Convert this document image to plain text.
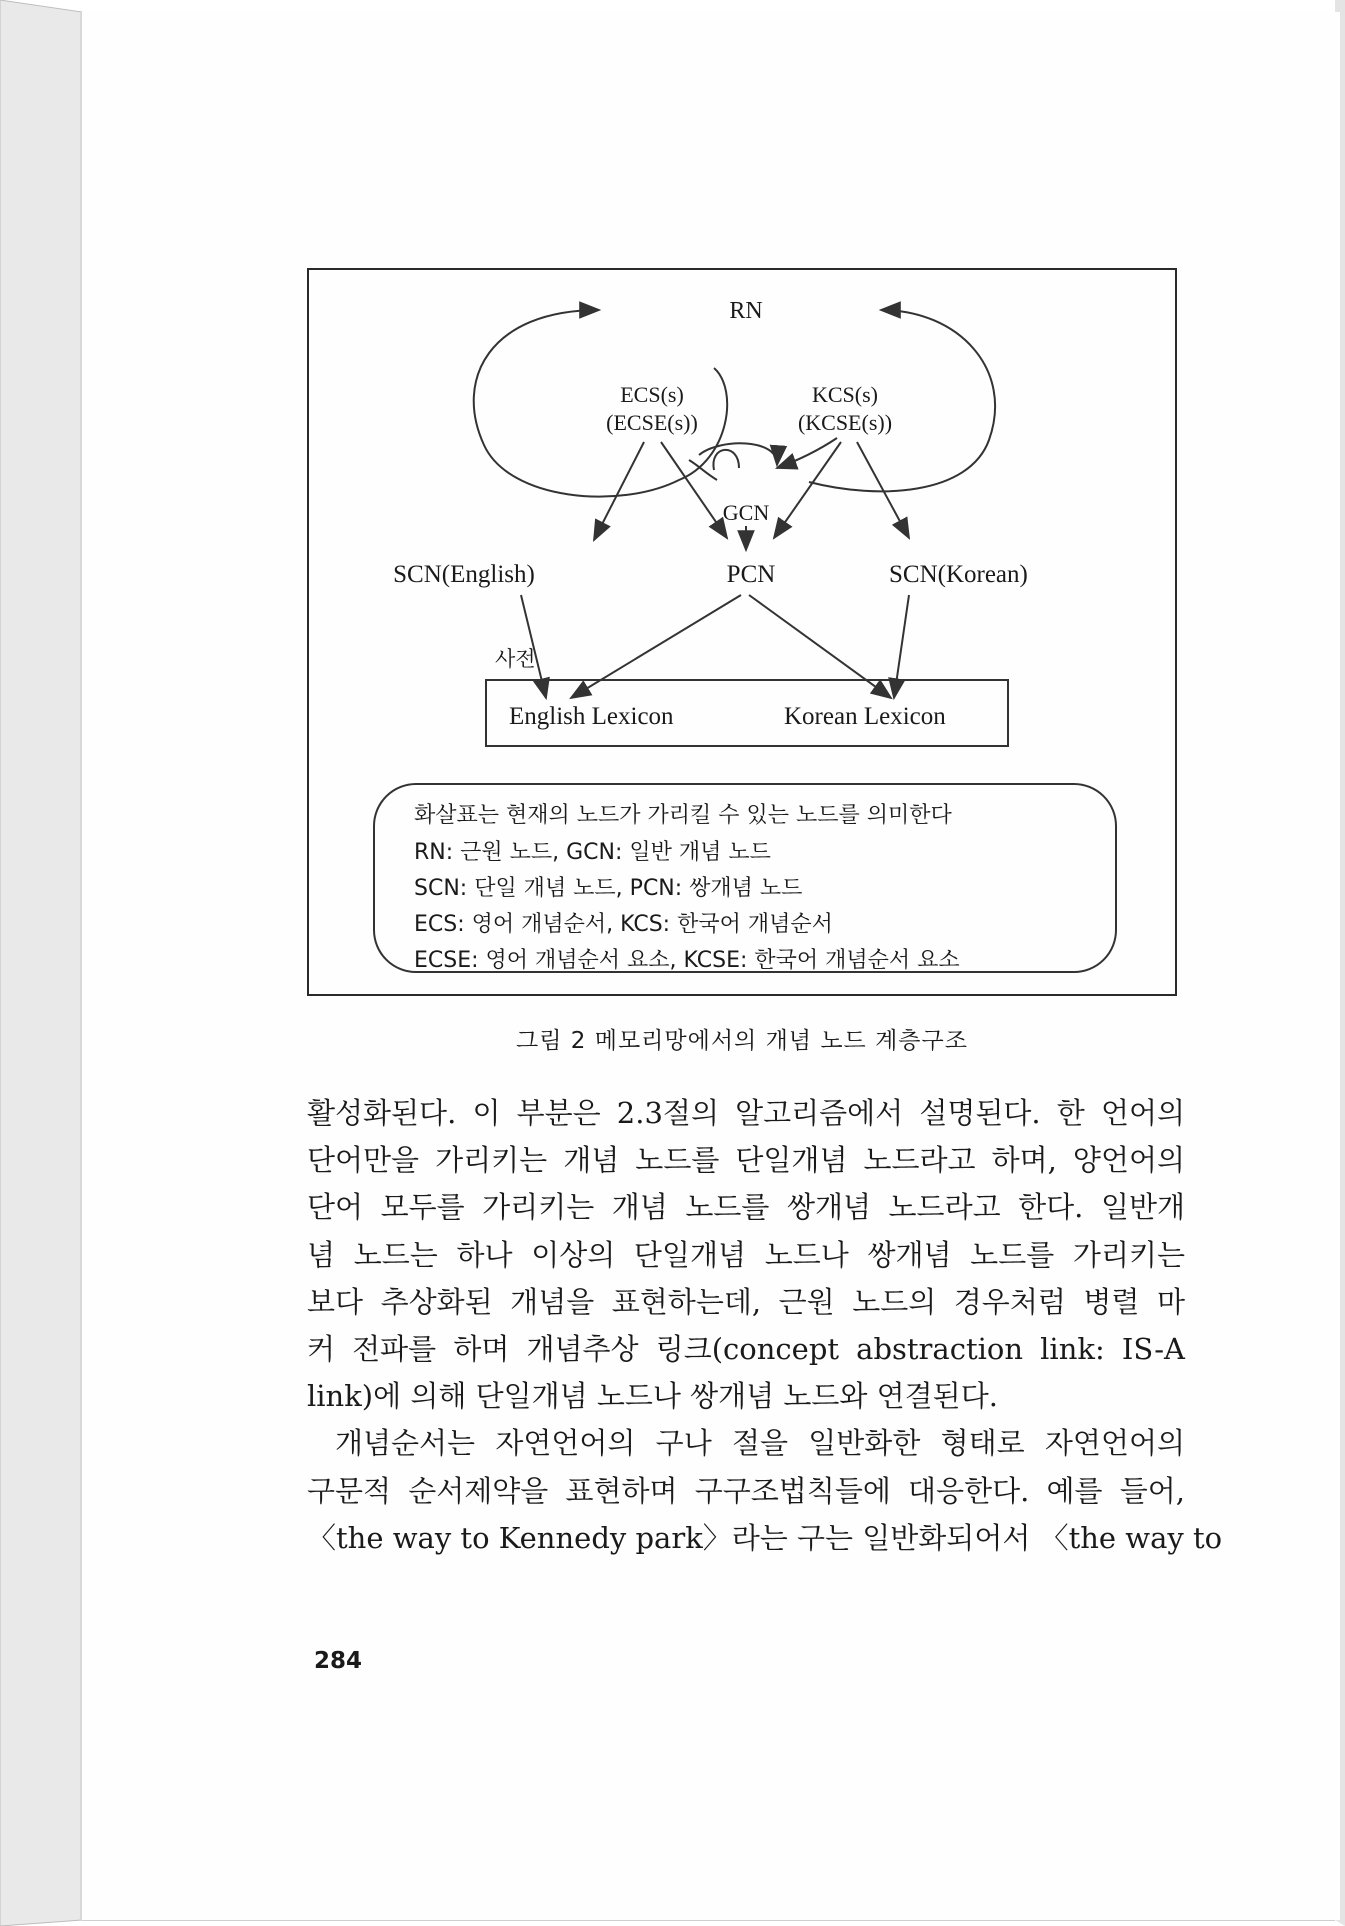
RN
ECS(s)
(ECSE(s))
KCS(s)
(KCSE(s))
GCN
SCN(English)	PCN	SCN(Korean)
사전
English Lexicon	Korean Lexicon
화살표는 현재의 노드가 가리킬 수 있는 노드를 의미한다
RN: 근원 노드, GCN: 일반 개념 노드
SCN: 단일 개념 노드, PCN: 쌍개념 노드
ECS: 영어 개념순서, KCS: 한국어 개념순서
ECSE: 영어 개념순서 요소, KCSE: 한국어 개념순서 요소
그림 2 메모리망에서의 개념 노드 계층구조
활성화된다. 이 부분은 2.3절의 알고리즘에서 설명된다. 한 언어의
단어만을 가리키는 개념 노드를 단일개념 노드라고 하며, 양언어의
단어 모두를 가리키는 개념 노드를 쌍개념 노드라고 한다. 일반개
념 노드는 하나 이상의 단일개념 노드나 쌍개념 노드를 가리키는
보다 추상화된 개념을 표현하는데, 근원 노드의 경우처럼 병렬 마
커 전파를 하며 개념추상 링크(concept abstraction link: IS-A
link)에 의해 단일개념 노드나 쌍개념 노드와 연결된다.
개념순서는 자연언어의 구나 절을 일반화한 형태로 자연언어의
구문적 순서제약을 표현하며 구구조법칙들에 대응한다. 예를 들어,
〈the way to Kennedy park〉라는 구는 일반화되어서 〈the way to
284
